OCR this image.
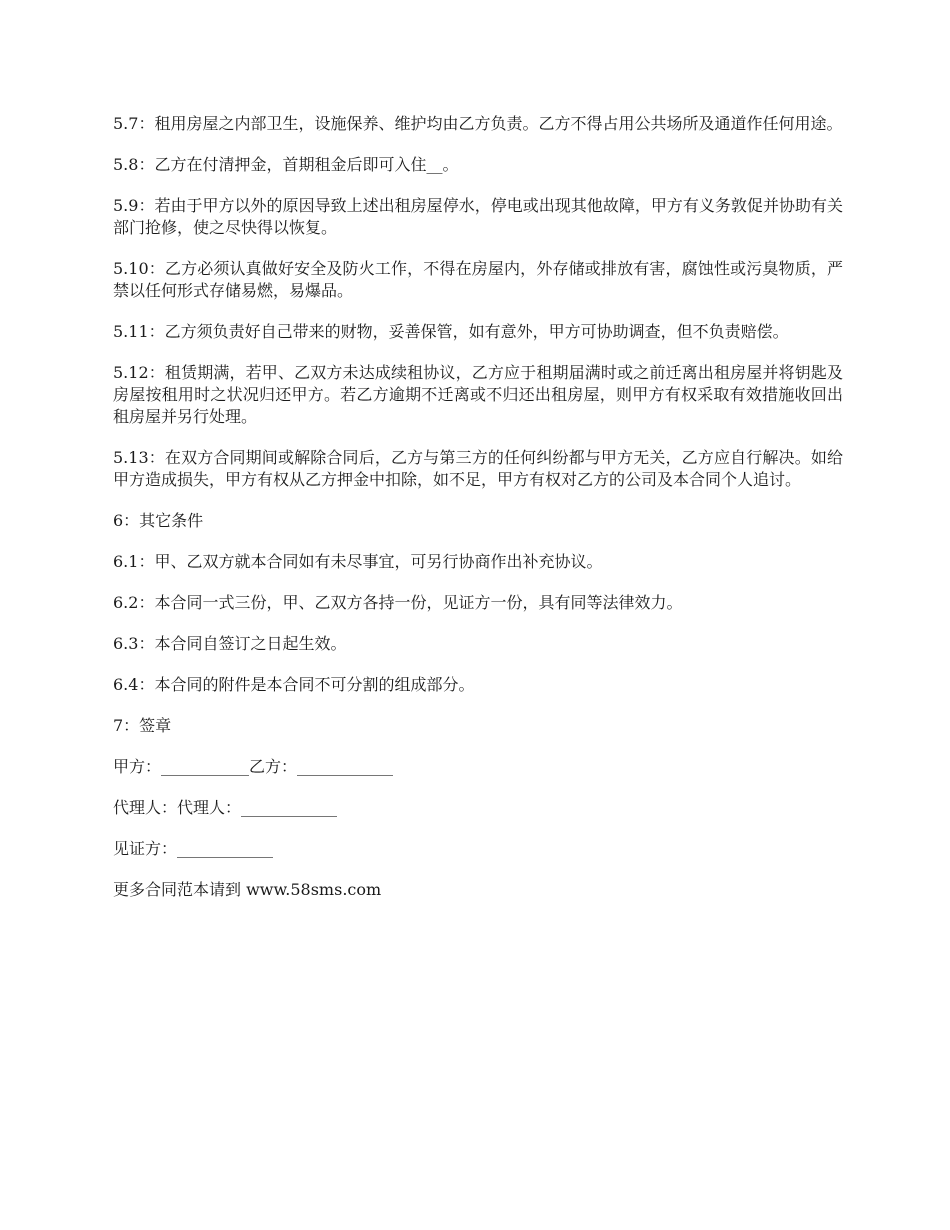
5.7：租用房屋之内部卫生，设施保养、维护均由乙方负责。乙方不得占用公共场所及通道作任何用途。

5.8：乙方在付清押金，首期租金后即可入住__。

5.9：若由于甲方以外的原因导致上述出租房屋停水，停电或出现其他故障，甲方有义务敦促并协助有关部门抢修，使之尽快得以恢复。

5.10：乙方必须认真做好安全及防火工作，不得在房屋内，外存储或排放有害，腐蚀性或污臭物质，严禁以任何形式存储易燃，易爆品。

5.11：乙方须负责好自己带来的财物，妥善保管，如有意外，甲方可协助调查，但不负责赔偿。

5.12：租赁期满，若甲、乙双方未达成续租协议，乙方应于租期届满时或之前迁离出租房屋并将钥匙及房屋按租用时之状况归还甲方。若乙方逾期不迁离或不归还出租房屋，则甲方有权采取有效措施收回出租房屋并另行处理。

5.13：在双方合同期间或解除合同后，乙方与第三方的任何纠纷都与甲方无关，乙方应自行解决。如给甲方造成损失，甲方有权从乙方押金中扣除，如不足，甲方有权对乙方的公司及本合同个人追讨。

6：其它条件

6.1：甲、乙双方就本合同如有未尽事宜，可另行协商作出补充协议。

6.2：本合同一式三份，甲、乙双方各持一份，见证方一份，具有同等法律效力。

6.3：本合同自签订之日起生效。

6.4：本合同的附件是本合同不可分割的组成部分。

7：签章

甲方：___________乙方：____________

代理人：代理人：____________

见证方：____________

更多合同范本请到 www.58sms.com
